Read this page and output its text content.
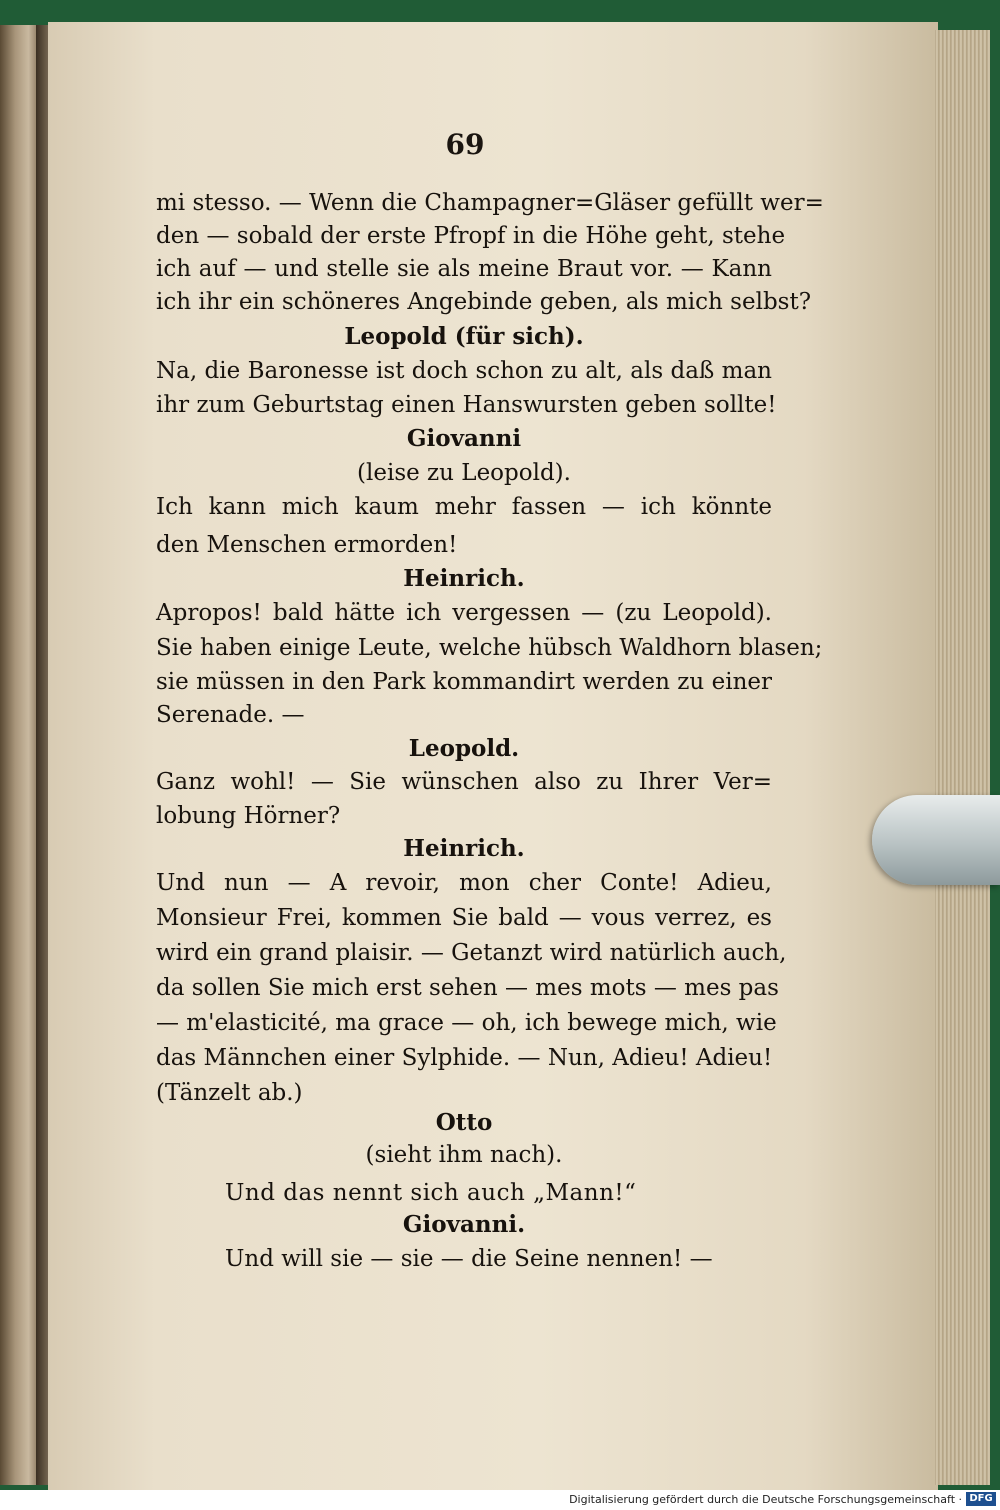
69
mi stesso. — Wenn die Champagner=Gläser gefüllt wer=
den — sobald der erste Pfropf in die Höhe geht, stehe
ich auf — und stelle sie als meine Braut vor. — Kann
ich ihr ein schöneres Angebinde geben, als mich selbst?
Leopold (für sich).
Na, die Baronesse ist doch schon zu alt, als daß man
ihr zum Geburtstag einen Hanswursten geben sollte!
Giovanni
(leise zu Leopold).
Ich kann mich kaum mehr fassen — ich könnte
den Menschen ermorden!
Heinrich.
Apropos! bald hätte ich vergessen — (zu Leopold).
Sie haben einige Leute, welche hübsch Waldhorn blasen;
sie müssen in den Park kommandirt werden zu einer
Serenade. —
Leopold.
Ganz wohl! — Sie wünschen also zu Ihrer Ver=
lobung Hörner?
Heinrich.
Und nun — A revoir, mon cher Conte! Adieu,
Monsieur Frei, kommen Sie bald — vous verrez, es
wird ein grand plaisir. — Getanzt wird natürlich auch,
da sollen Sie mich erst sehen — mes mots — mes pas
— m'elasticité, ma grace — oh, ich bewege mich, wie
das Männchen einer Sylphide. — Nun, Adieu! Adieu!
(Tänzelt ab.)
Otto
(sieht ihm nach).
Und das nennt sich auch „Mann!“
Giovanni.
Und will sie — sie — die Seine nennen! —
Digitalisierung gefördert durch die Deutsche Forschungsgemeinschaft · DFG
